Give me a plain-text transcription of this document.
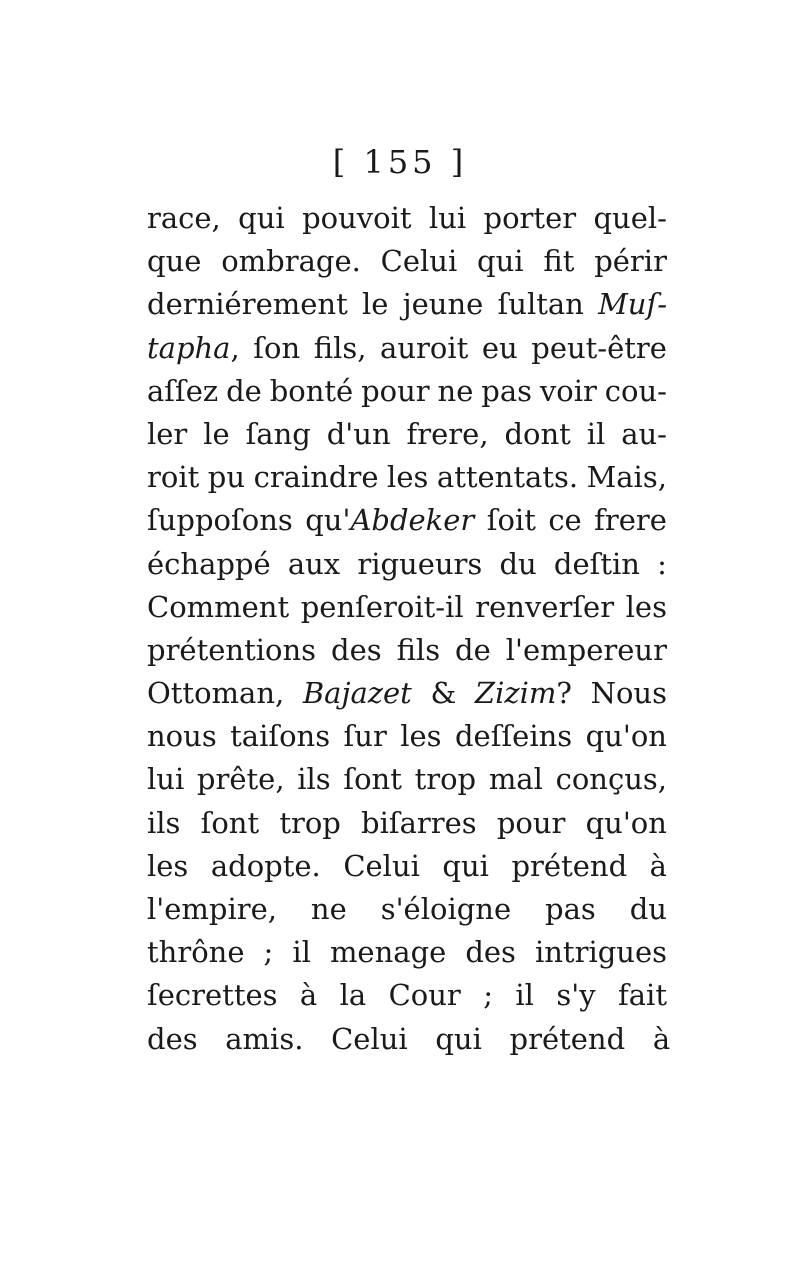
[ 155 ]
race, qui pouvoit lui porter quel-
que ombrage. Celui qui fit périr
derniérement le jeune ſultan Muſ-
tapha, ſon fils, auroit eu peut-être
aſſez de bonté pour ne pas voir cou-
ler le ſang d'un frere, dont il au-
roit pu craindre les attentats. Mais,
ſuppoſons qu'Abdeker ſoit ce frere
échappé aux rigueurs du deſtin :
Comment penſeroit-il renverſer les
prétentions des fils de l'empereur
Ottoman, Bajazet & Zizim? Nous
nous taiſons ſur les deſſeins qu'on
lui prête, ils ſont trop mal conçus,
ils ſont trop biſarres pour qu'on
les adopte. Celui qui prétend à
l'empire, ne s'éloigne pas du
thrône ; il menage des intrigues
ſecrettes à la Cour ; il s'y fait
des
amis.
Celui
qui
prétend
à
